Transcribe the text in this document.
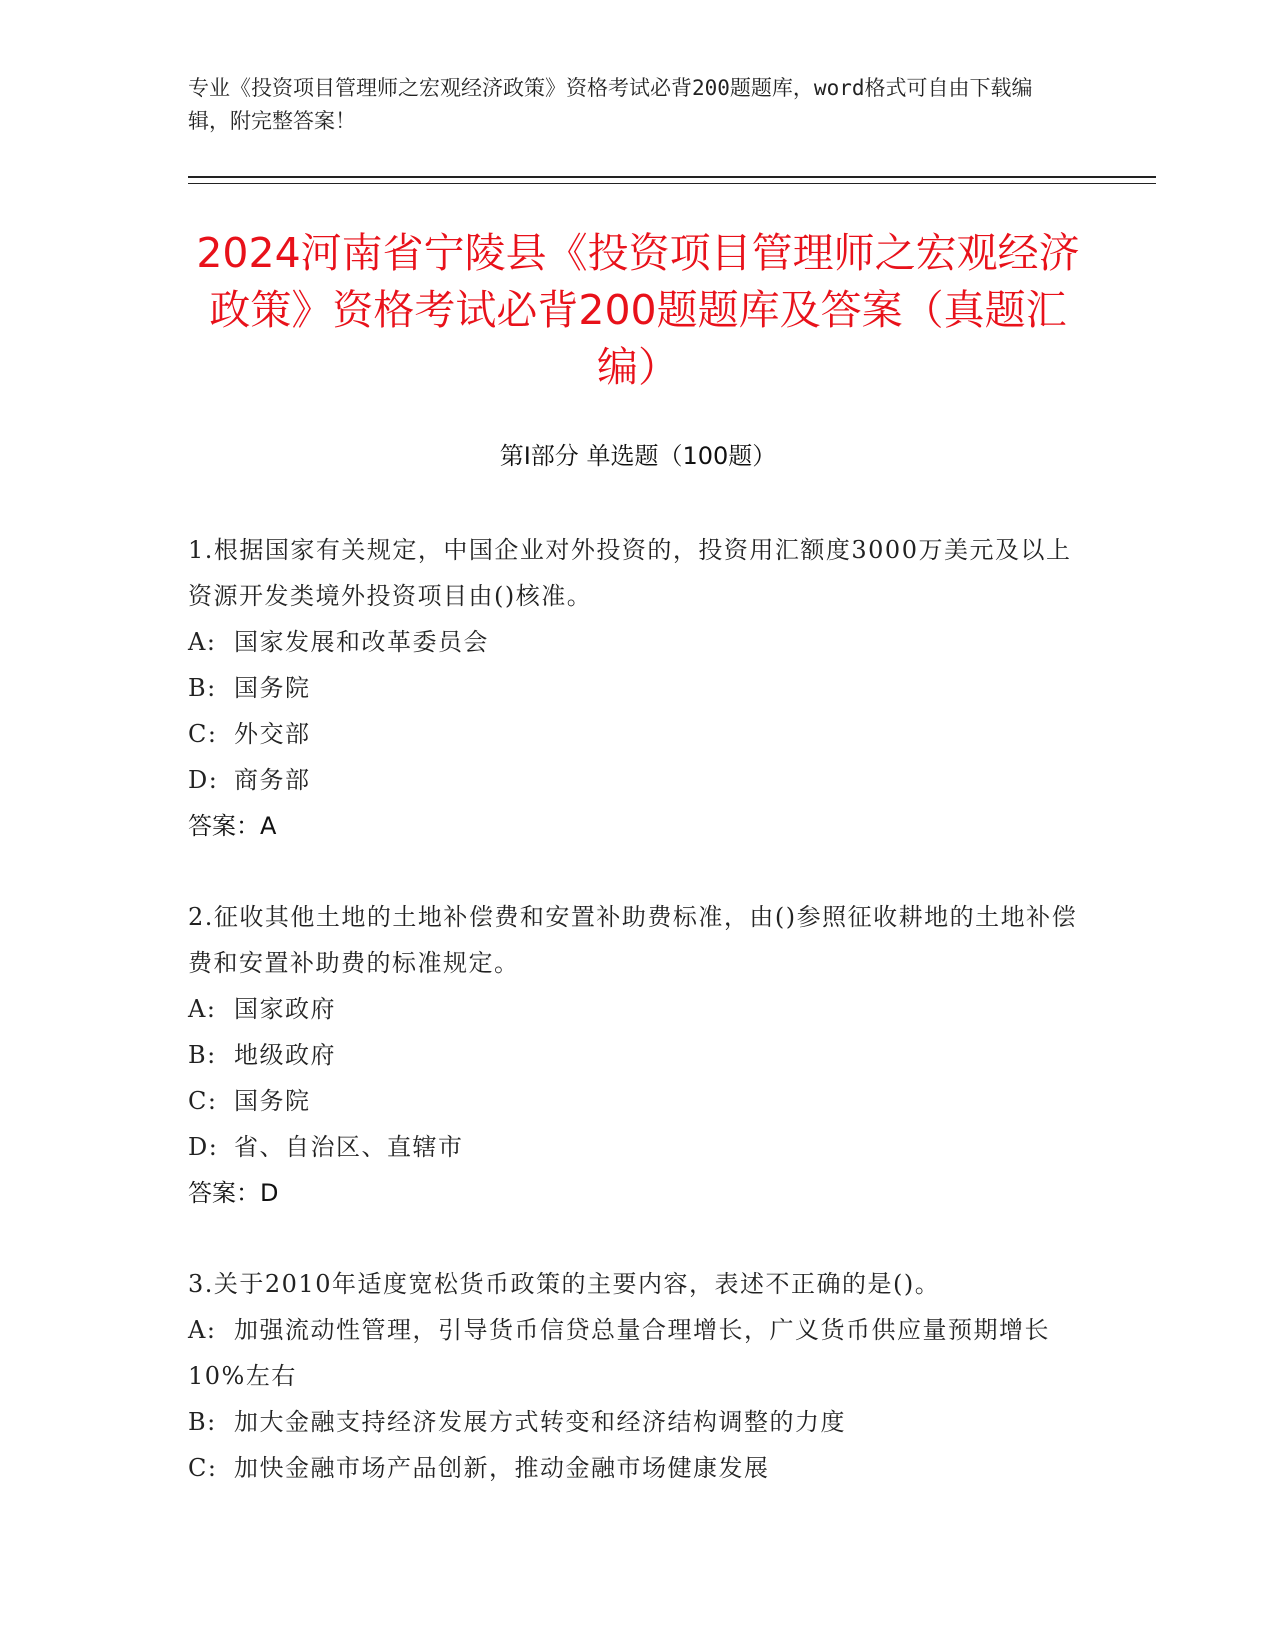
专业《投资项目管理师之宏观经济政策》资格考试必背200题题库，word格式可自由下载编辑，附完整答案！
2024河南省宁陵县《投资项目管理师之宏观经济政策》资格考试必背200题题库及答案（真题汇编）
第I部分 单选题（100题）

1.根据国家有关规定，中国企业对外投资的，投资用汇额度3000万美元及以上资源开发类境外投资项目由()核准。

A: 国家发展和改革委员会

B: 国务院

C: 外交部

D: 商务部

答案：A

2.征收其他土地的土地补偿费和安置补助费标准，由()参照征收耕地的土地补偿费和安置补助费的标准规定。

A: 国家政府

B: 地级政府

C: 国务院

D: 省、自治区、直辖市

答案：D

3.关于2010年适度宽松货币政策的主要内容，表述不正确的是()。

A: 加强流动性管理，引导货币信贷总量合理增长，广义货币供应量预期增长10%左右

B: 加大金融支持经济发展方式转变和经济结构调整的力度

C: 加快金融市场产品创新，推动金融市场健康发展
